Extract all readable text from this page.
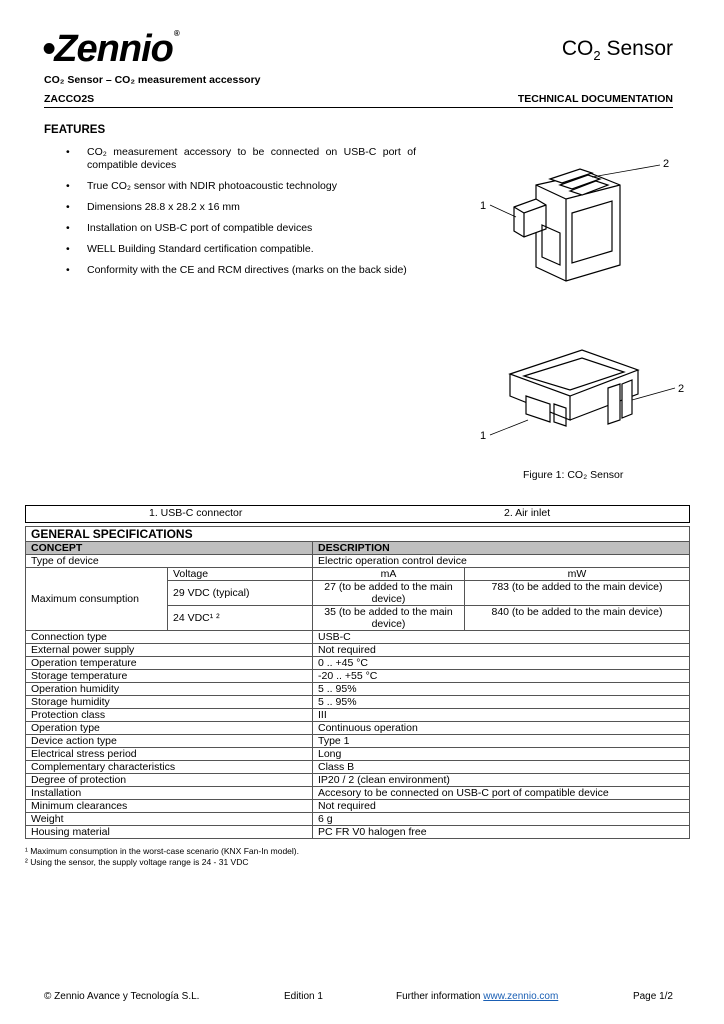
•Zennio®
$CO_2$ Sensor
CO₂ Sensor – CO₂ measurement accessory
ZACCO2S	TECHNICAL DOCUMENTATION
FEATURES
• CO₂ measurement accessory to be connected on USB-C port of compatible devices
• True CO₂ sensor with NDIR photoacoustic technology
• Dimensions 28.8 x 28.2 x 16 mm
• Installation on USB-C port of compatible devices
• WELL Building Standard certification compatible.
• Conformity with the CE and RCM directives (marks on the back side)
2
1
2
1
Figure 1: CO₂ Sensor
1. USB-C connector	2. Air inlet
GENERAL SPECIFICATIONS			
CONCEPT		DESCRIPTION	
Type of device		Electric operation control device	
Maximum consumption	Voltage	mA	mW
	29 VDC (typical)	27 (to be added to the main device)	783 (to be added to the main device)
	24 VDC¹ ²	35 (to be added to the main device)	840 (to be added to the main device)
Connection type		USB-C	
External power supply		Not required	
Operation temperature		0 .. +45 °C	
Storage temperature		-20 .. +55 °C	
Operation humidity		5 .. 95%	
Storage humidity		5 .. 95%	
Protection class		III	
Operation type		Continuous operation	
Device action type		Type 1	
Electrical stress period		Long	
Complementary characteristics		Class B	
Degree of protection		IP20 / 2 (clean environment)	
Installation		Accesory to be connected on USB-C port of compatible device	
Minimum clearances		Not required	
Weight		6 g	
Housing material		PC FR V0 halogen free	
¹ Maximum consumption in the worst-case scenario (KNX Fan-In model).
² Using the sensor, the supply voltage range is 24 - 31 VDC
© Zennio Avance y Tecnología S.L.	Edition 1	Further information www.zennio.com	Page 1/2
